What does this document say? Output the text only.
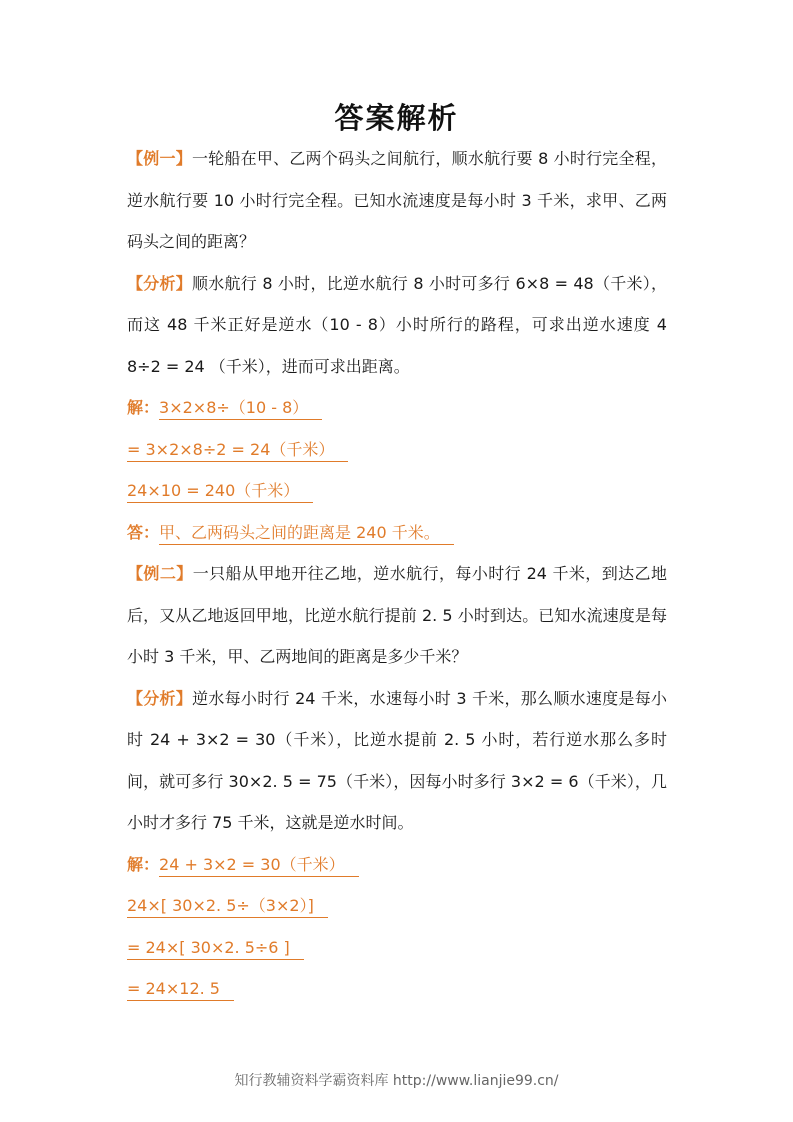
答案解析

【例一】一轮船在甲、乙两个码头之间航行，顺水航行要 8 小时行完全程，逆水航行要 10 小时行完全程。已知水流速度是每小时 3 千米，求甲、乙两码头之间的距离？

【分析】顺水航行 8 小时，比逆水航行 8 小时可多行 6×8 = 48（千米），而这 48 千米正好是逆水（10 - 8）小时所行的路程，可求出逆水速度 4 8÷2 = 24 （千米），进而可求出距离。

解：3×2×8÷（10 - 8）

= 3×2×8÷2 = 24（千米）

24×10 = 240（千米）

答：甲、乙两码头之间的距离是 240 千米。

【例二】一只船从甲地开往乙地，逆水航行，每小时行 24 千米，到达乙地后，又从乙地返回甲地，比逆水航行提前 2. 5 小时到达。已知水流速度是每小时 3 千米，甲、乙两地间的距离是多少千米？

【分析】逆水每小时行 24 千米，水速每小时 3 千米，那么顺水速度是每小时 24 + 3×2 = 30（千米），比逆水提前 2. 5 小时，若行逆水那么多时间，就可多行 30×2. 5 = 75（千米），因每小时多行 3×2 = 6（千米），几小时才多行 75 千米，这就是逆水时间。

解：24 + 3×2 = 30（千米）

24×[ 30×2. 5÷（3×2）]

= 24×[ 30×2. 5÷6 ]

= 24×12. 5

知行教辅资料学霸资料库 http://www.lianjie99.cn/
